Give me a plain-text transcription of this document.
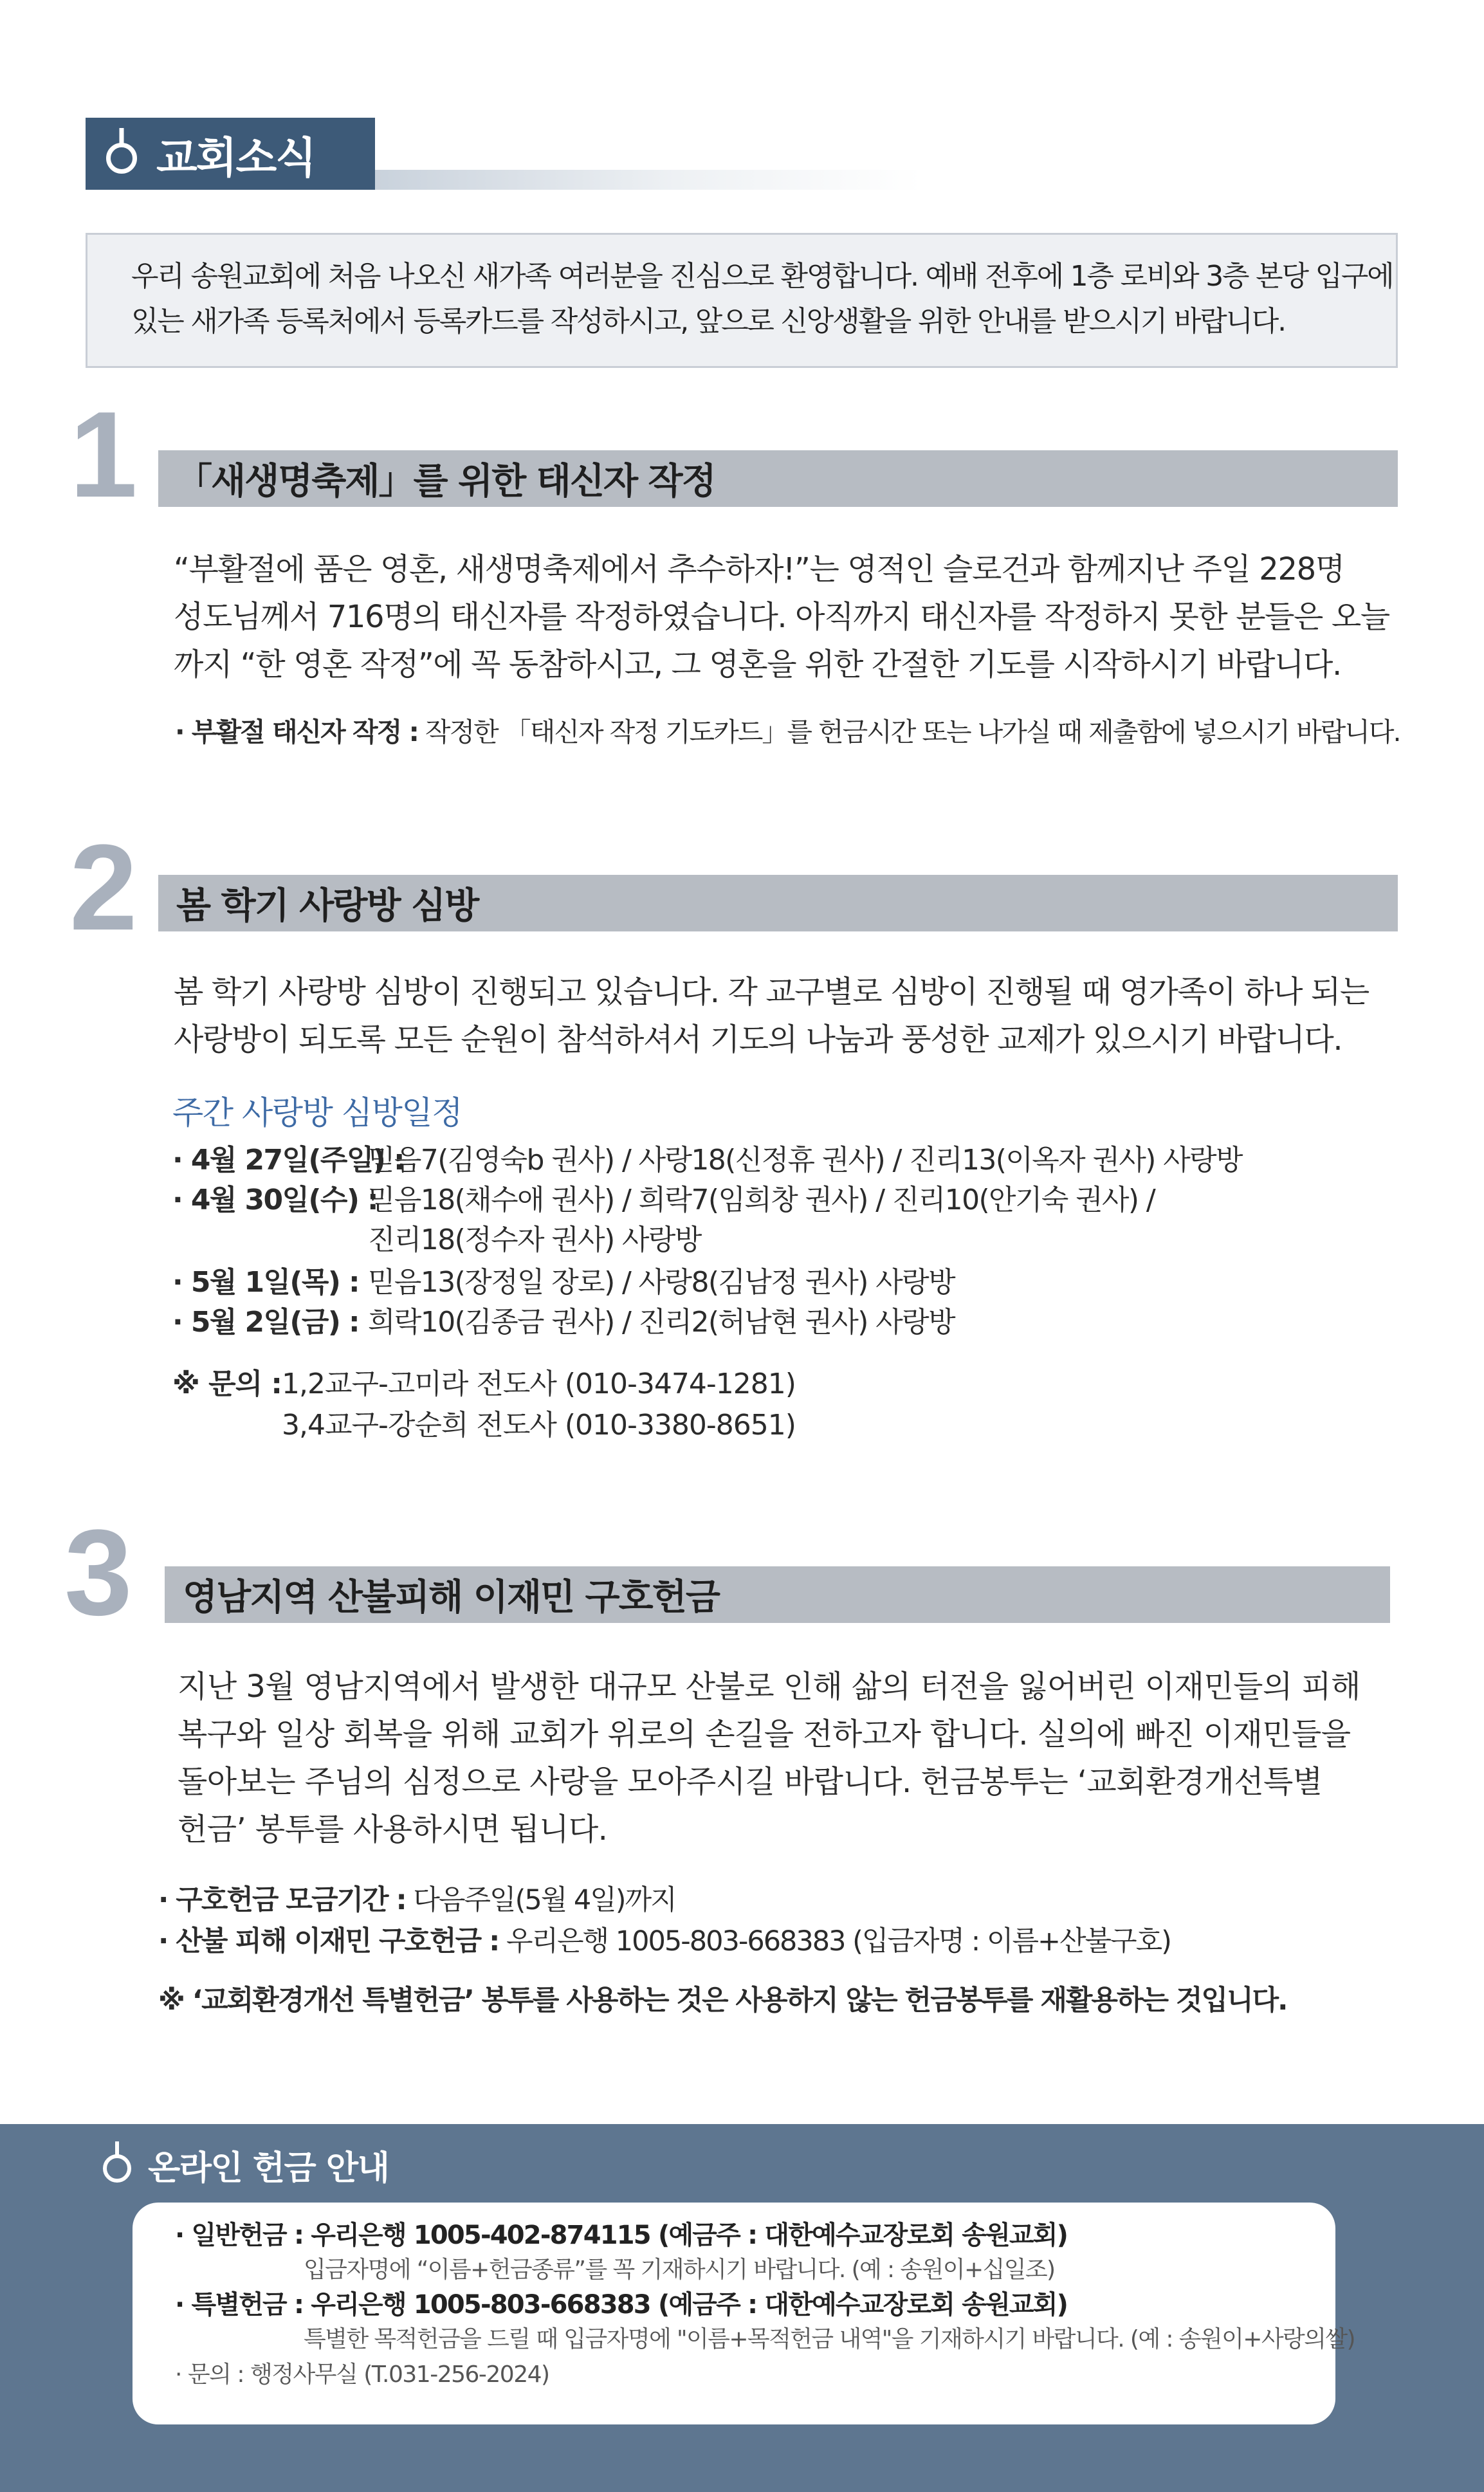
교회소식

우리 송원교회에 처음 나오신 새가족 여러분을 진심으로 환영합니다. 예배 전후에 1층 로비와 3층 본당 입구에

있는 새가족 등록처에서 등록카드를 작성하시고, 앞으로 신앙생활을 위한 안내를 받으시기 바랍니다.

1 「새생명축제」를 위한 태신자 작정
“부활절에 품은 영혼, 새생명축제에서 추수하자!”는 영적인 슬로건과 함께지난 주일 228명
성도님께서 716명의 태신자를 작정하였습니다. 아직까지 태신자를 작정하지 못한 분들은 오늘
까지 “한 영혼 작정”에 꼭 동참하시고, 그 영혼을 위한 간절한 기도를 시작하시기 바랍니다.
· 부활절 태신자 작정 : 작정한 「태신자 작정 기도카드」를 헌금시간 또는 나가실 때 제출함에 넣으시기 바랍니다.
2 봄 학기 사랑방 심방
봄 학기 사랑방 심방이 진행되고 있습니다. 각 교구별로 심방이 진행될 때 영가족이 하나 되는
사랑방이 되도록 모든 순원이 참석하셔서 기도의 나눔과 풍성한 교제가 있으시기 바랍니다.
주간 사랑방 심방일정
· 4월 27일(주일) :믿음7(김영숙b 권사) / 사랑18(신정휴 권사) / 진리13(이옥자 권사) 사랑방
· 4월 30일(수) :믿음18(채수애 권사) / 희락7(임희창 권사) / 진리10(안기숙 권사) /
진리18(정수자 권사) 사랑방
· 5월 1일(목) : 믿음13(장정일 장로) / 사랑8(김남정 권사) 사랑방
· 5월 2일(금) : 희락10(김종금 권사) / 진리2(허남현 권사) 사랑방
※ 문의 :1,2교구-고미라 전도사 (010-3474-1281)
3,4교구-강순희 전도사 (010-3380-8651)
3 영남지역 산불피해 이재민 구호헌금
지난 3월 영남지역에서 발생한 대규모 산불로 인해 삶의 터전을 잃어버린 이재민들의 피해
복구와 일상 회복을 위해 교회가 위로의 손길을 전하고자 합니다. 실의에 빠진 이재민들을
돌아보는 주님의 심정으로 사랑을 모아주시길 바랍니다. 헌금봉투는 ‘교회환경개선특별
헌금’ 봉투를 사용하시면 됩니다.
· 구호헌금 모금기간 : 다음주일(5월 4일)까지
· 산불 피해 이재민 구호헌금 : 우리은행 1005-803-668383 (입금자명 : 이름+산불구호)
※ ‘교회환경개선 특별헌금’ 봉투를 사용하는 것은 사용하지 않는 헌금봉투를 재활용하는 것입니다.
온라인 헌금 안내
· 일반헌금 : 우리은행 1005-402-874115 (예금주 : 대한예수교장로회 송원교회)
입금자명에 “이름+헌금종류”를 꼭 기재하시기 바랍니다. (예 : 송원이+십일조)
· 특별헌금 : 우리은행 1005-803-668383 (예금주 : 대한예수교장로회 송원교회)
특별한 목적헌금을 드릴 때 입금자명에 "이름+목적헌금 내역"을 기재하시기 바랍니다. (예 : 송원이+사랑의쌀)
· 문의 : 행정사무실 (T.031-256-2024)
